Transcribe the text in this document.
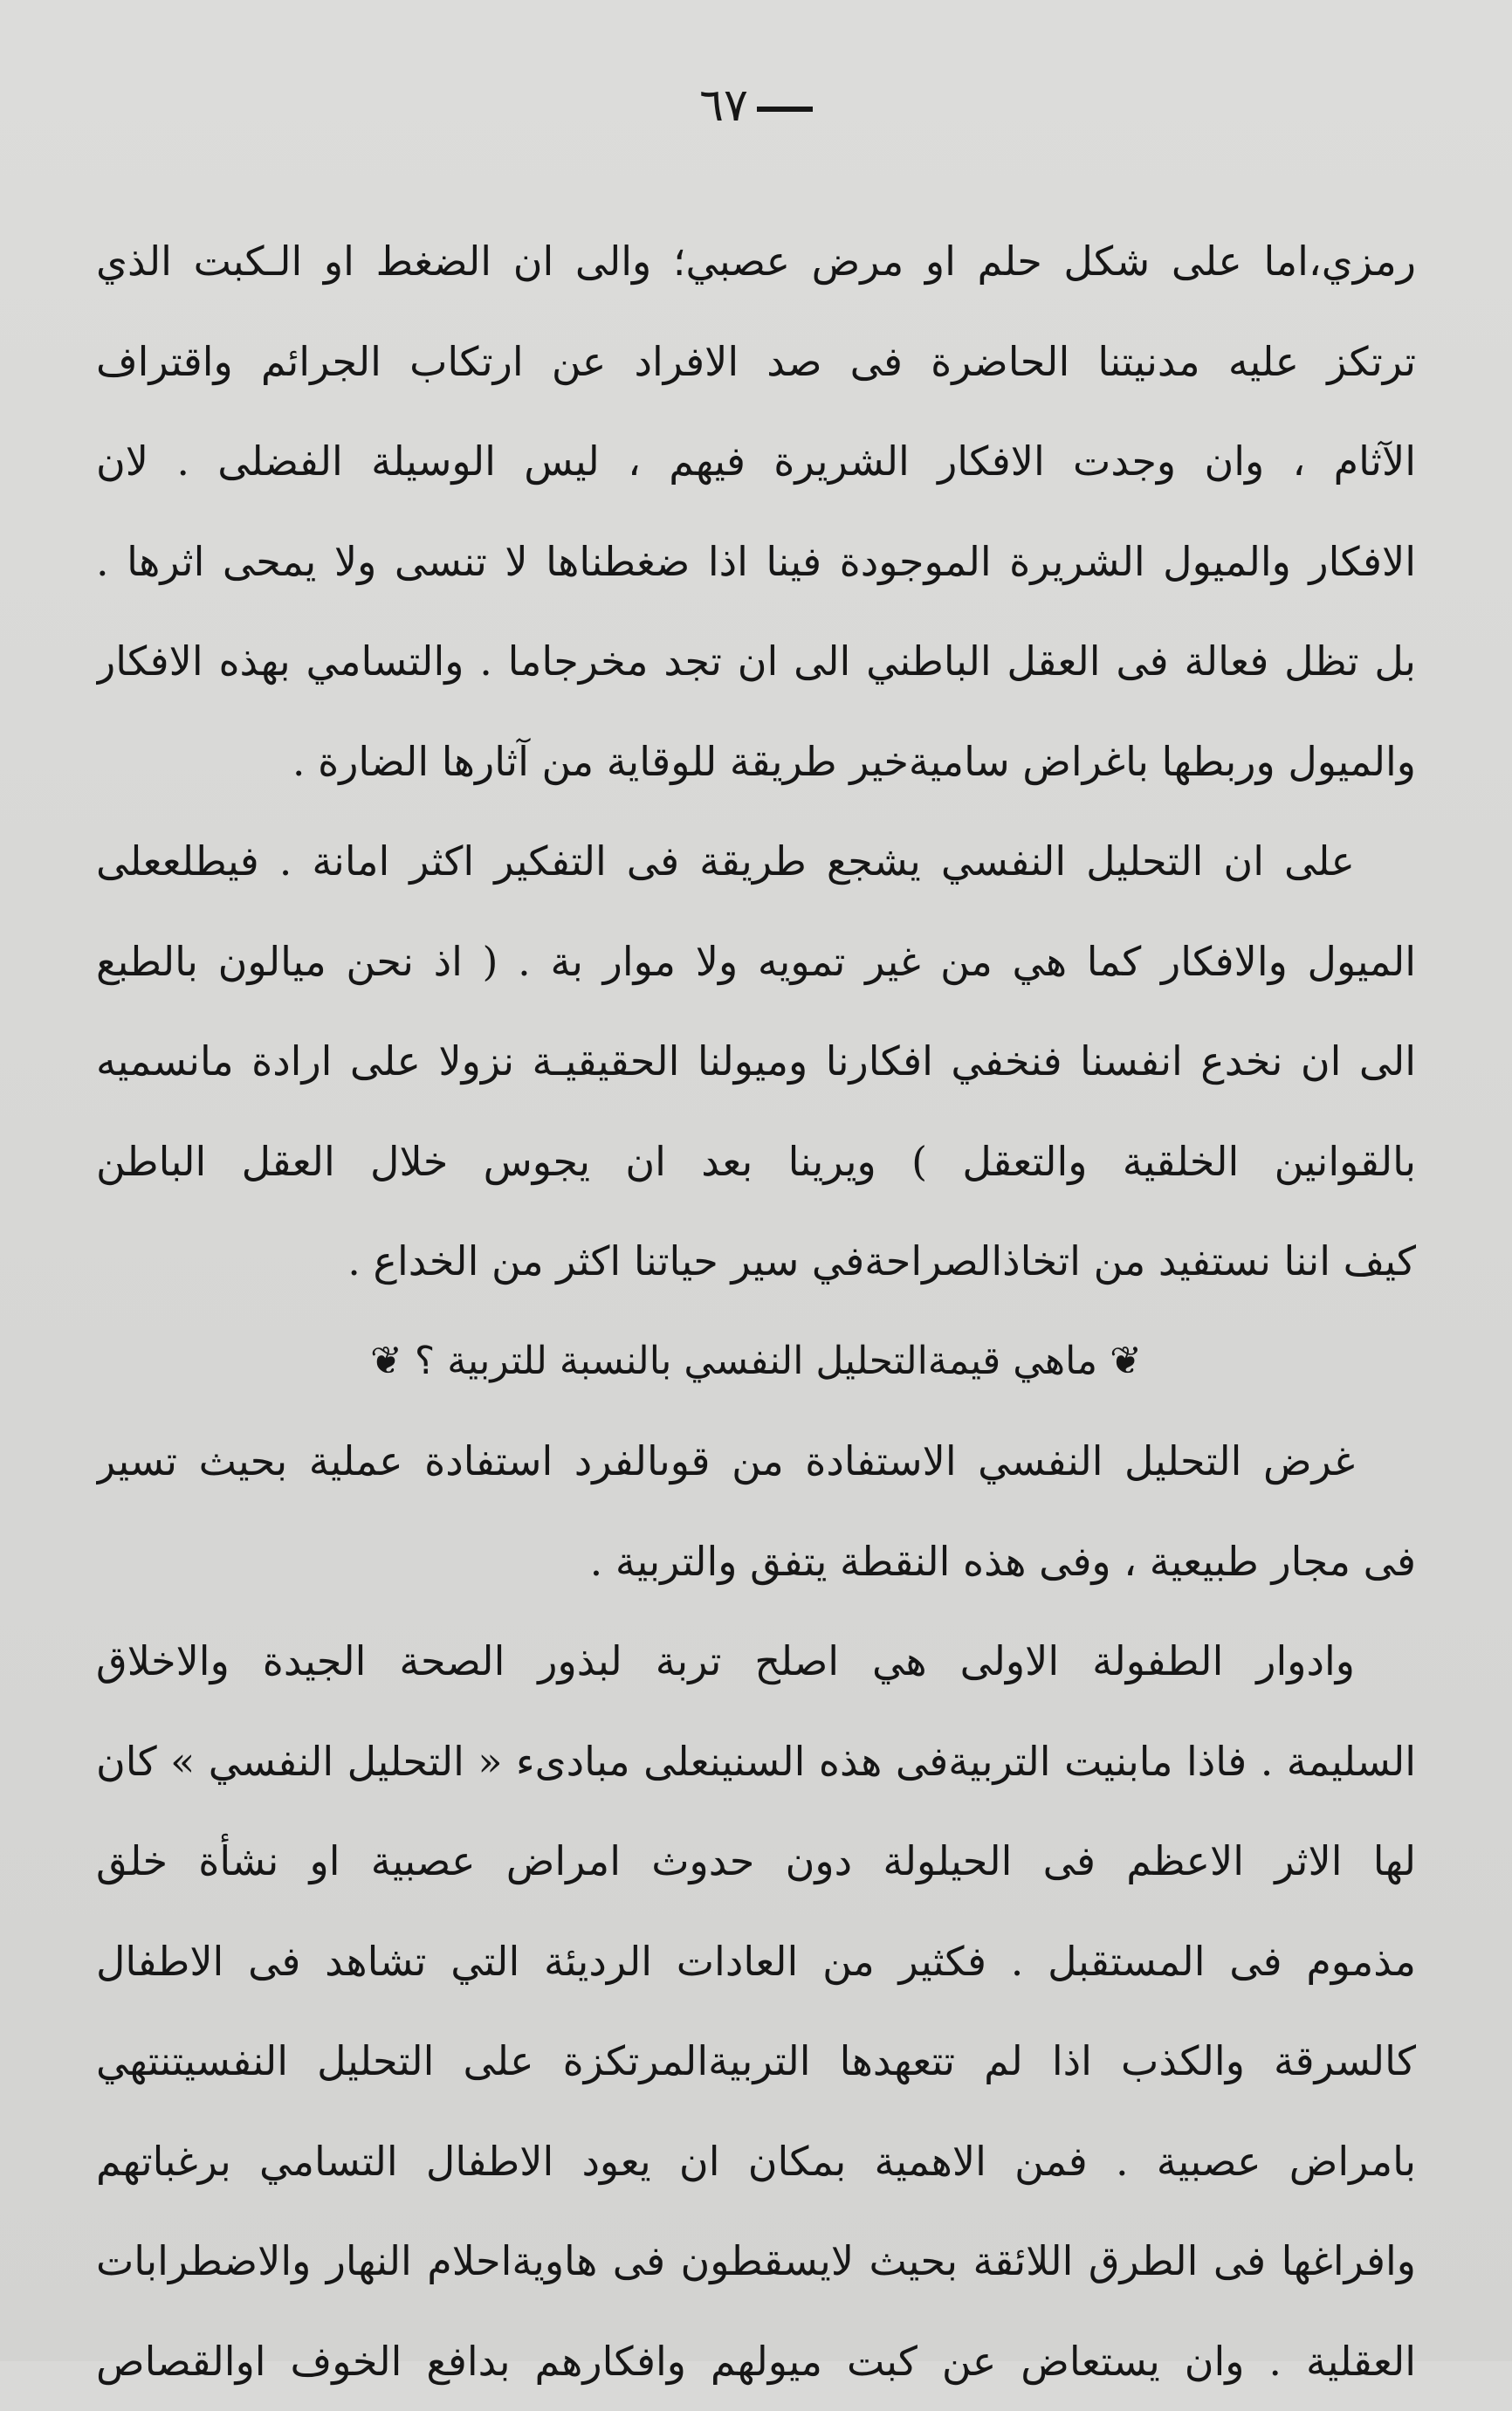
٦٧
رمزي،اما على شكل حلم او مرض عصبي؛ والى ان الضغط او الـكبت الذي
ترتكز عليه مدنيتنا الحاضرة فى صد الافراد عن ارتكاب الجرائم واقتراف
الآثام ، وان وجدت الافكار الشريرة فيهم ، ليس الوسيلة الفضلى . لان
الافكار والميول الشريرة الموجودة فينا اذا ضغطناها لا تنسى ولا يمحى اثرها .
بل تظل فعالة فى العقل الباطني الى ان تجد مخرجاما . والتسامي بهذه الافكار
والميول وربطها باغراض ساميةخير طريقة للوقاية من آثارها الضارة .
على ان التحليل النفسي يشجع طريقة فى التفكير اكثر امانة . فيطلععلى
الميول والافكار كما هي من غير تمويه ولا موار بة . ( اذ نحن ميالون بالطبع
الى ان نخدع انفسنا فنخفي افكارنا وميولنا الحقيقيـة نزولا على ارادة مانسميه
بالقوانين الخلقية والتعقل ) ويرينا بعد ان يجوس خلال العقل الباطن
كيف اننا نستفيد من اتخاذالصراحةفي سير حياتنا اكثر من الخداع .
❦ماهي قيمةالتحليل النفسي بالنسبة للتربية ؟❦
غرض التحليل النفسي الاستفادة من قوىالفرد استفادة عملية بحيث تسير
فى مجار طبيعية ، وفى هذه النقطة يتفق والتربية .
وادوار الطفولة الاولى هي اصلح تربة لبذور الصحة الجيدة والاخلاق
السليمة . فاذا مابنيت التربيةفى هذه السنينعلى مبادىء « التحليل النفسي » كان
لها الاثر الاعظم فى الحيلولة دون حدوث امراض عصبية او نشأة خلق
مذموم فى المستقبل . فكثير من العادات الرديئة التي تشاهد فى الاطفال
كالسرقة والكذب اذا لم تتعهدها التربيةالمرتكزة على التحليل النفسيتنتهي
بامراض عصبية . فمن الاهمية بمكان ان يعود الاطفال التسامي برغباتهم
وافراغها فى الطرق اللائقة بحيث لايسقطون فى هاويةاحلام النهار والاضطرابات
العقلية . وان يستعاض عن كبت ميولهم وافكارهم بدافع الخوف اوالقصاص
